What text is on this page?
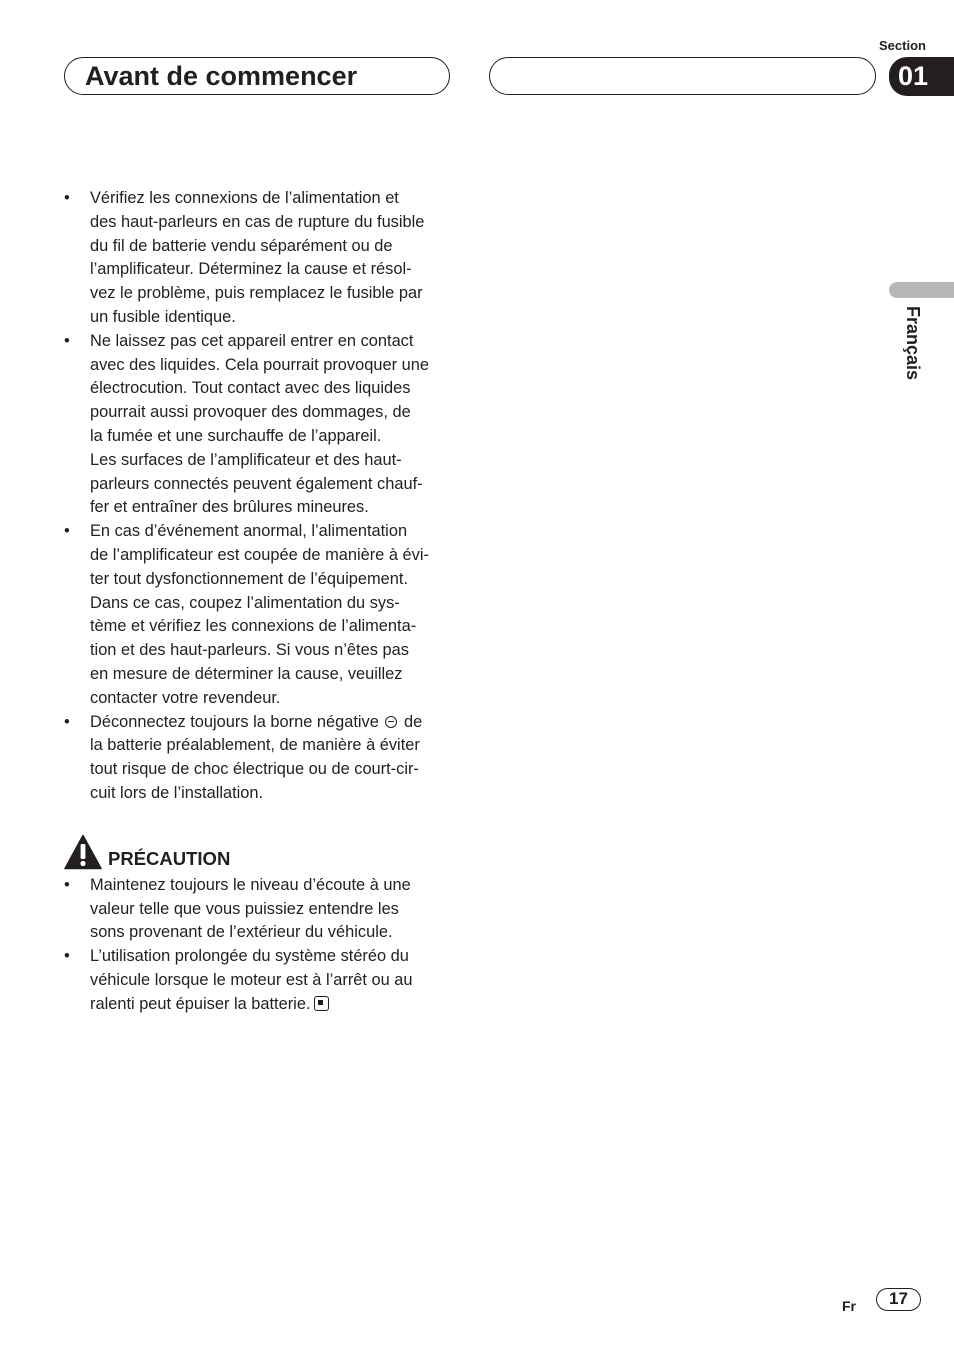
Avant de commencer
Section
01
Français
• Vérifiez les connexions de l’alimentation et
des haut-parleurs en cas de rupture du fusible
du fil de batterie vendu séparément ou de
l’amplificateur. Déterminez la cause et résol-
vez le problème, puis remplacez le fusible par
un fusible identique.
• Ne laissez pas cet appareil entrer en contact
avec des liquides. Cela pourrait provoquer une
électrocution. Tout contact avec des liquides
pourrait aussi provoquer des dommages, de
la fumée et une surchauffe de l’appareil.
Les surfaces de l’amplificateur et des haut-
parleurs connectés peuvent également chauf-
fer et entraîner des brûlures mineures.
• En cas d’événement anormal, l’alimentation
de l’amplificateur est coupée de manière à évi-
ter tout dysfonctionnement de l’équipement.
Dans ce cas, coupez l’alimentation du sys-
tème et vérifiez les connexions de l’alimenta-
tion et des haut-parleurs. Si vous n’êtes pas
en mesure de déterminer la cause, veuillez
contacter votre revendeur.
• Déconnectez toujours la borne négative de
la batterie préalablement, de manière à éviter
tout risque de choc électrique ou de court-cir-
cuit lors de l’installation.
PRÉCAUTION
• Maintenez toujours le niveau d’écoute à une
valeur telle que vous puissiez entendre les
sons provenant de l’extérieur du véhicule.
• L’utilisation prolongée du système stéréo du
véhicule lorsque le moteur est à l’arrêt ou au
ralenti peut épuiser la batterie.
Fr	17
